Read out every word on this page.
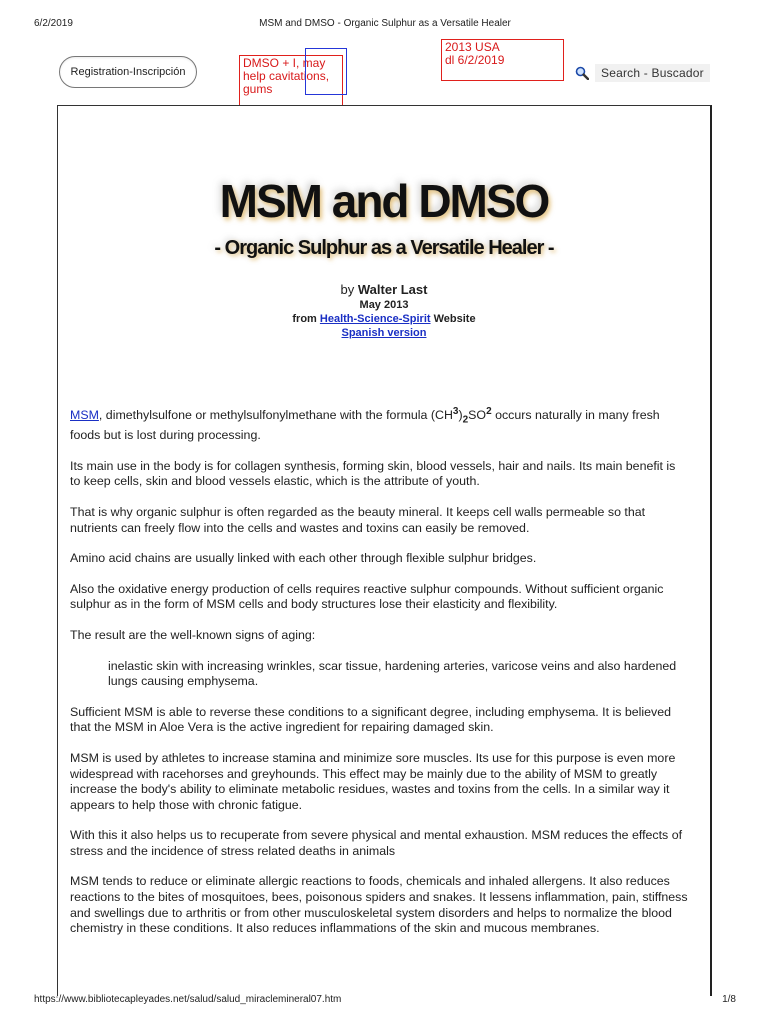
6/2/2019	MSM and DMSO - Organic Sulphur as a Versatile Healer
Registration-Inscripción
DMSO + I, may help cavitations, gums
2013 USA
dl 6/2/2019
Search - Buscador
MSM and DMSO
- Organic Sulphur as a Versatile Healer -
by Walter Last
May 2013
from Health-Science-Spirit Website
Spanish version

MSM, dimethylsulfone or methylsulfonylmethane with the formula $(CH^3)_2SO^2$ occurs naturally in many fresh foods but is lost during processing.

Its main use in the body is for collagen synthesis, forming skin, blood vessels, hair and nails. Its main benefit is to keep cells, skin and blood vessels elastic, which is the attribute of youth.

That is why organic sulphur is often regarded as the beauty mineral. It keeps cell walls permeable so that nutrients can freely flow into the cells and wastes and toxins can easily be removed.

Amino acid chains are usually linked with each other through flexible sulphur bridges.

Also the oxidative energy production of cells requires reactive sulphur compounds. Without sufficient organic sulphur as in the form of MSM cells and body structures lose their elasticity and flexibility.

The result are the well-known signs of aging:

inelastic skin with increasing wrinkles, scar tissue, hardening arteries, varicose veins and also hardened lungs causing emphysema.

Sufficient MSM is able to reverse these conditions to a significant degree, including emphysema. It is believed that the MSM in Aloe Vera is the active ingredient for repairing damaged skin.

MSM is used by athletes to increase stamina and minimize sore muscles. Its use for this purpose is even more widespread with racehorses and greyhounds. This effect may be mainly due to the ability of MSM to greatly increase the body's ability to eliminate metabolic residues, wastes and toxins from the cells. In a similar way it appears to help those with chronic fatigue.

With this it also helps us to recuperate from severe physical and mental exhaustion. MSM reduces the effects of stress and the incidence of stress related deaths in animals

MSM tends to reduce or eliminate allergic reactions to foods, chemicals and inhaled allergens. It also reduces reactions to the bites of mosquitoes, bees, poisonous spiders and snakes. It lessens inflammation, pain, stiffness and swellings due to arthritis or from other musculoskeletal system disorders and helps to normalize the blood chemistry in these conditions. It also reduces inflammations of the skin and mucous membranes.

https://www.bibliotecapleyades.net/salud/salud_miraclemineral07.htm	1/8
